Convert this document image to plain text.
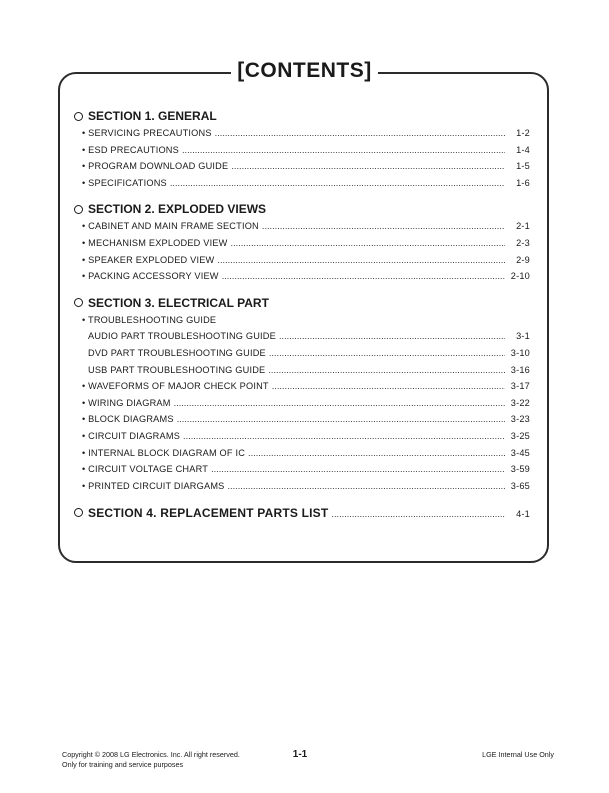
[CONTENTS]
SECTION 1. GENERAL
• SERVICING PRECAUTIONS .....	1-2
• ESD PRECAUTIONS .....	1-4
• PROGRAM DOWNLOAD GUIDE .....	1-5
• SPECIFICATIONS .....	1-6
SECTION 2. EXPLODED VIEWS
• CABINET AND MAIN FRAME SECTION .....	2-1
• MECHANISM EXPLODED VIEW .....	2-3
• SPEAKER EXPLODED VIEW .....	2-9
• PACKING ACCESSORY VIEW .....	2-10
SECTION 3. ELECTRICAL PART
• TROUBLESHOOTING GUIDE
AUDIO PART TROUBLESHOOTING GUIDE .....	3-1
DVD PART TROUBLESHOOTING GUIDE .....	3-10
USB PART TROUBLESHOOTING GUIDE .....	3-16
• WAVEFORMS OF MAJOR CHECK POINT .....	3-17
• WIRING DIAGRAM .....	3-22
• BLOCK DIAGRAMS .....	3-23
• CIRCUIT DIAGRAMS .....	3-25
• INTERNAL BLOCK DIAGRAM OF IC .....	3-45
• CIRCUIT VOLTAGE CHART .....	3-59
• PRINTED CIRCUIT DIARGAMS .....	3-65
SECTION 4. REPLACEMENT PARTS LIST .....	4-1
Copyright © 2008 LG Electronics. Inc. All right reserved.
Only for training and service purposes
1-1	LGE Internal Use Only
